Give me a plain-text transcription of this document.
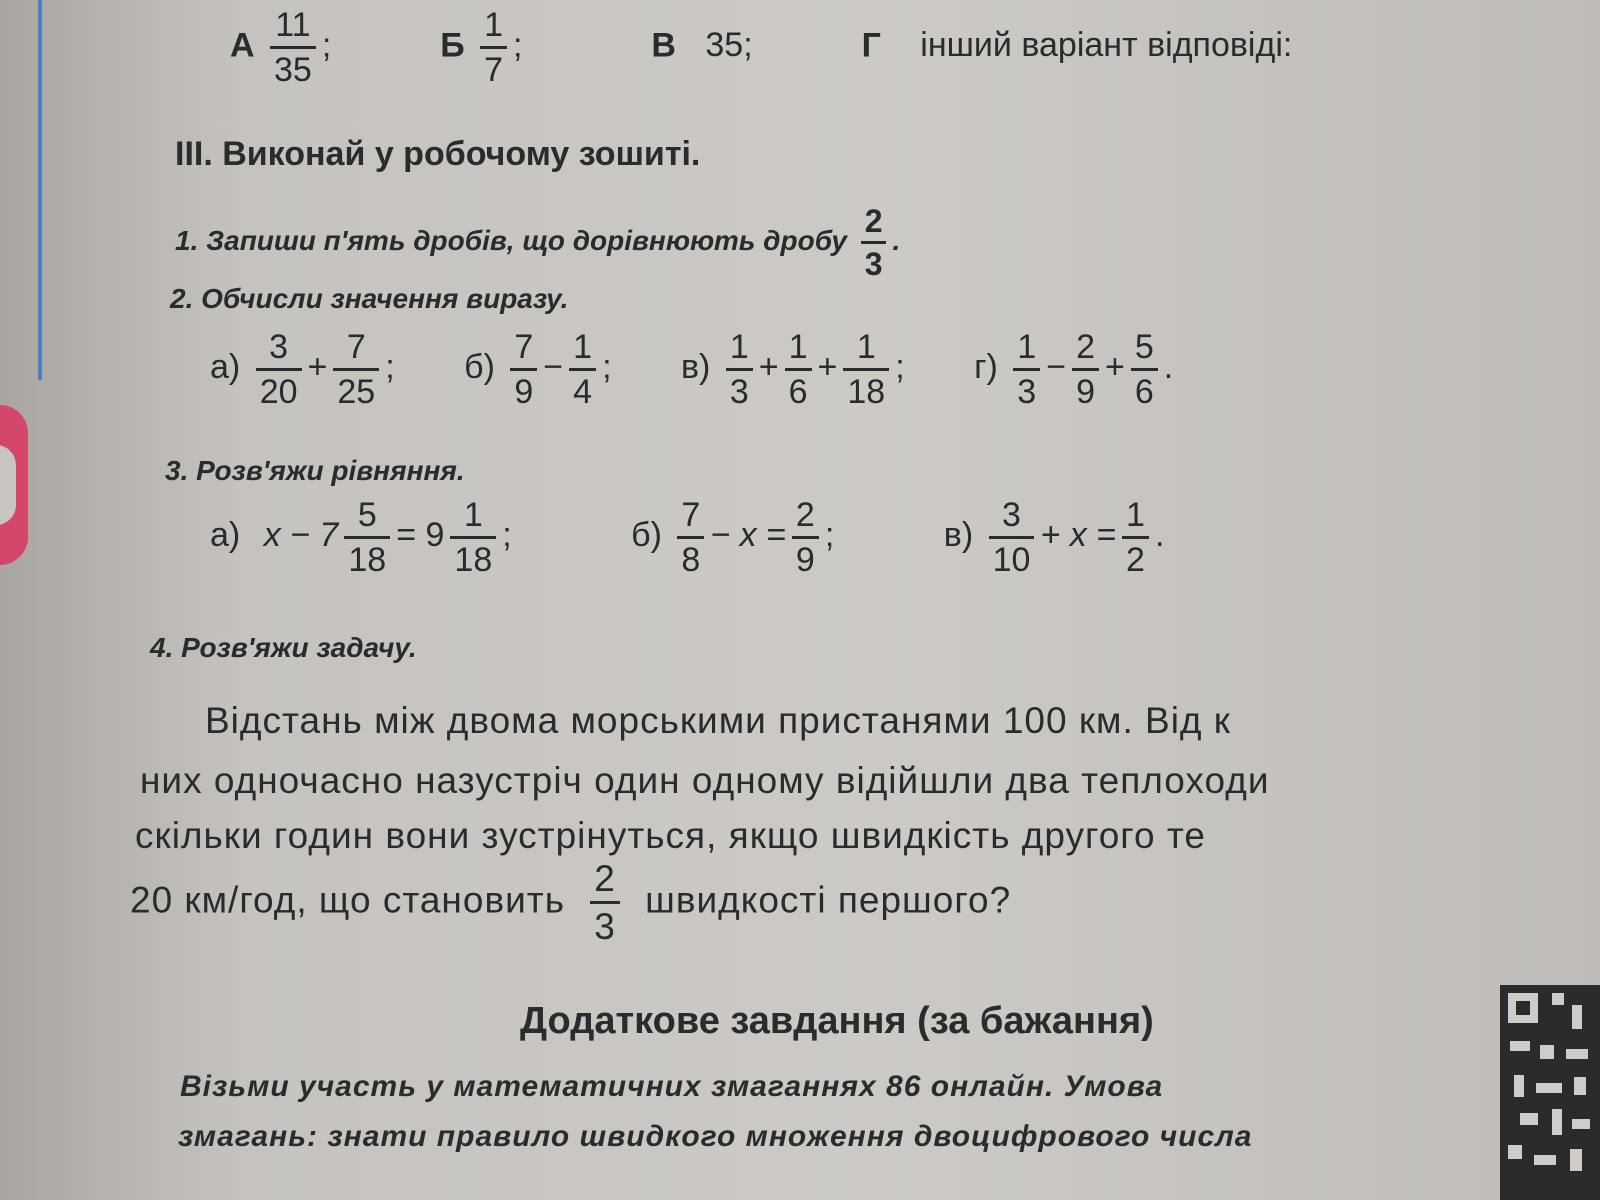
А $\frac{11}{35}$ ;	Б $\frac{1}{7}$ ;	В 35;	Г інший варіант відповіді:
ІІІ. Виконай у робочому зошиті.
1. Запиши п'ять дробів, що дорівнюють дробу $\frac{2}{3}$ .
2. Обчисли значення виразу.
$а) \frac{3}{20} + \frac{7}{25}$ ; $б) \frac{7}{9} - \frac{1}{4}$ ; $в) \frac{1}{3} + \frac{1}{6} + \frac{1}{18}$ ; $г) \frac{1}{3} - \frac{2}{9} + \frac{5}{6}$ .
3. Розв'яжи рівняння.
а) $x - 7 \frac{5}{18} = 9 \frac{1}{18}$ ;	$б) \frac{7}{8} - x = \frac{2}{9}$ ;	$в) \frac{3}{10} + x = \frac{1}{2}$ .
4. Розв'яжи задачу.
Відстань між двома морськими пристанями 100 км. Від к
них одночасно назустріч один одному відійшли два теплоходи
скільки годин вони зустрінуться, якщо швидкість другого те
20 км/год, що становить $\frac{2}{3}$ швидкості першого?
Додаткове завдання (за бажання)
Візьми участь у математичних змаганнях 86 онлайн. Умова
змагань: знати правило швидкого множення двоцифрового числа
